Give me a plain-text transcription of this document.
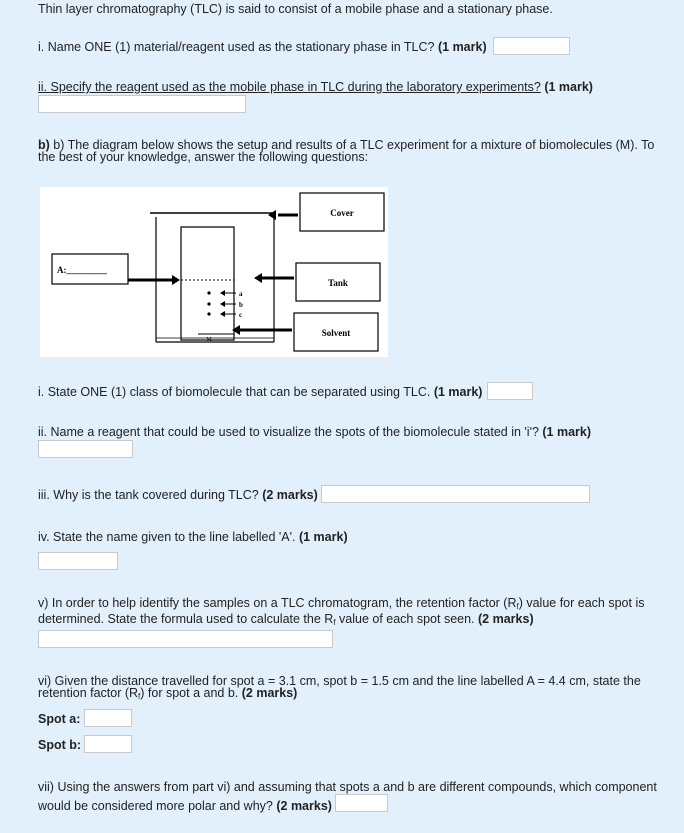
Thin layer chromatography (TLC) is said to consist of a mobile phase and a stationary phase.
i. Name ONE (1) material/reagent used as the stationary phase in TLC? (1 mark)
ii. Specify the reagent used as the mobile phase in TLC during the laboratory experiments? (1 mark)
b) b) The diagram below shows the setup and results of a TLC experiment for a mixture of biomolecules (M). To the best of your knowledge, answer the following questions:
Cover
Tank
Solvent
A:_________
a
b
c
M
i. State ONE (1) class of biomolecule that can be separated using TLC. (1 mark)
ii. Name a reagent that could be used to visualize the spots of the biomolecule stated in 'i'? (1 mark)
iii. Why is the tank covered during TLC? (2 marks)
iv. State the name given to the line labelled 'A'. (1 mark)
v) In order to help identify the samples on a TLC chromatogram, the retention factor $(R_f)$ value for each spot is determined. State the formula used to calculate the $R_f$ value of each spot seen. (2 marks)
vi) Given the distance travelled for spot a = 3.1 cm, spot b = 1.5 cm and the line labelled A = 4.4 cm, state the retention factor $(R_f)$ for spot a and b. (2 marks)
Spot a:
Spot b:
vii) Using the answers from part vi) and assuming that spots a and b are different compounds, which component would be considered more polar and why? (2 marks)
